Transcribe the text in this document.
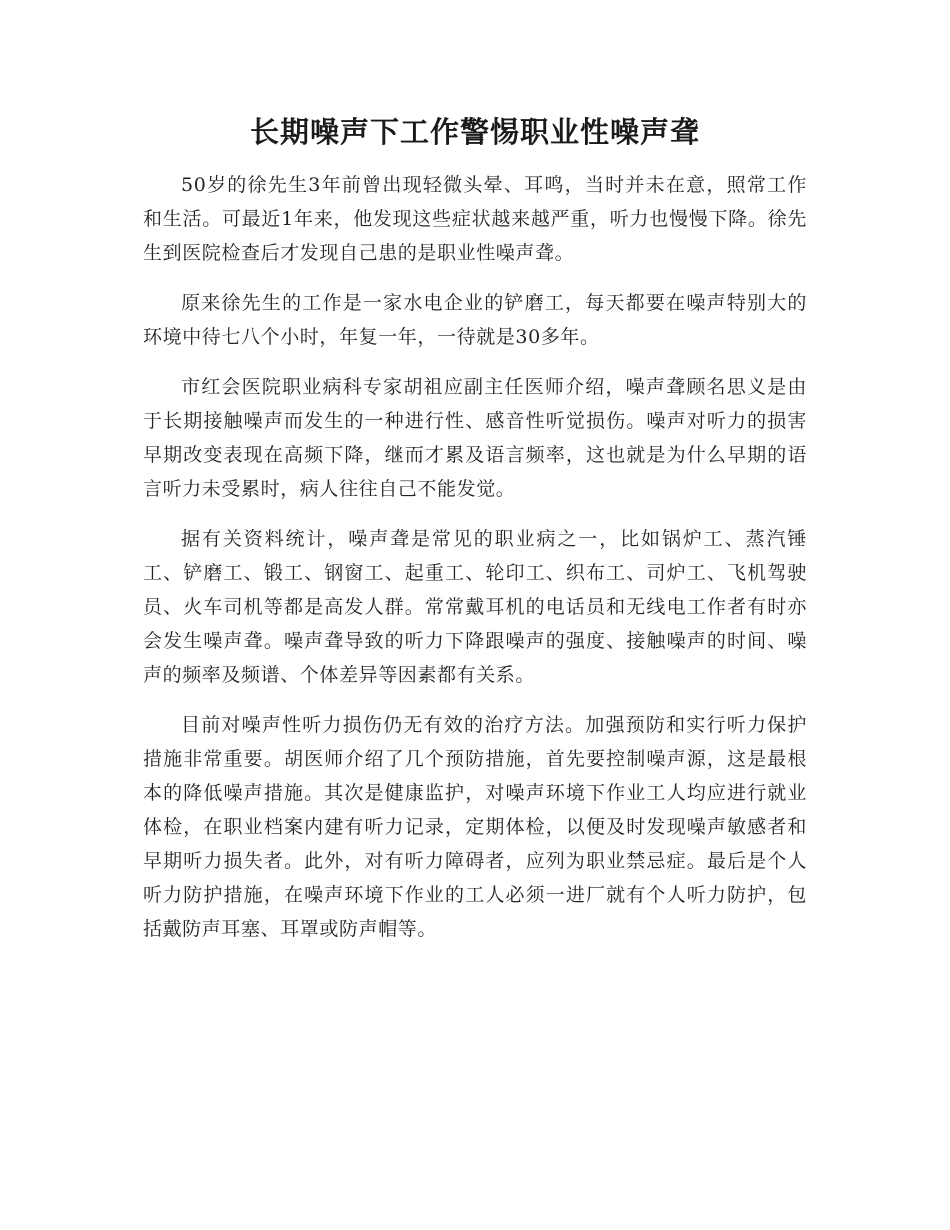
长期噪声下工作警惕职业性噪声聋

50岁的徐先生3年前曾出现轻微头晕、耳鸣，当时并未在意，照常工作和生活。可最近1年来，他发现这些症状越来越严重，听力也慢慢下降。徐先生到医院检查后才发现自己患的是职业性噪声聋。

原来徐先生的工作是一家水电企业的铲磨工，每天都要在噪声特别大的环境中待七八个小时，年复一年，一待就是30多年。

市红会医院职业病科专家胡祖应副主任医师介绍，噪声聋顾名思义是由于长期接触噪声而发生的一种进行性、感音性听觉损伤。噪声对听力的损害早期改变表现在高频下降，继而才累及语言频率，这也就是为什么早期的语言听力未受累时，病人往往自己不能发觉。

据有关资料统计，噪声聋是常见的职业病之一，比如锅炉工、蒸汽锤工、铲磨工、锻工、钢窗工、起重工、轮印工、织布工、司炉工、飞机驾驶员、火车司机等都是高发人群。常常戴耳机的电话员和无线电工作者有时亦会发生噪声聋。噪声聋导致的听力下降跟噪声的强度、接触噪声的时间、噪声的频率及频谱、个体差异等因素都有关系。

目前对噪声性听力损伤仍无有效的治疗方法。加强预防和实行听力保护措施非常重要。胡医师介绍了几个预防措施，首先要控制噪声源，这是最根本的降低噪声措施。其次是健康监护，对噪声环境下作业工人均应进行就业体检，在职业档案内建有听力记录，定期体检，以便及时发现噪声敏感者和早期听力损失者。此外，对有听力障碍者，应列为职业禁忌症。最后是个人听力防护措施，在噪声环境下作业的工人必须一进厂就有个人听力防护，包括戴防声耳塞、耳罩或防声帽等。
